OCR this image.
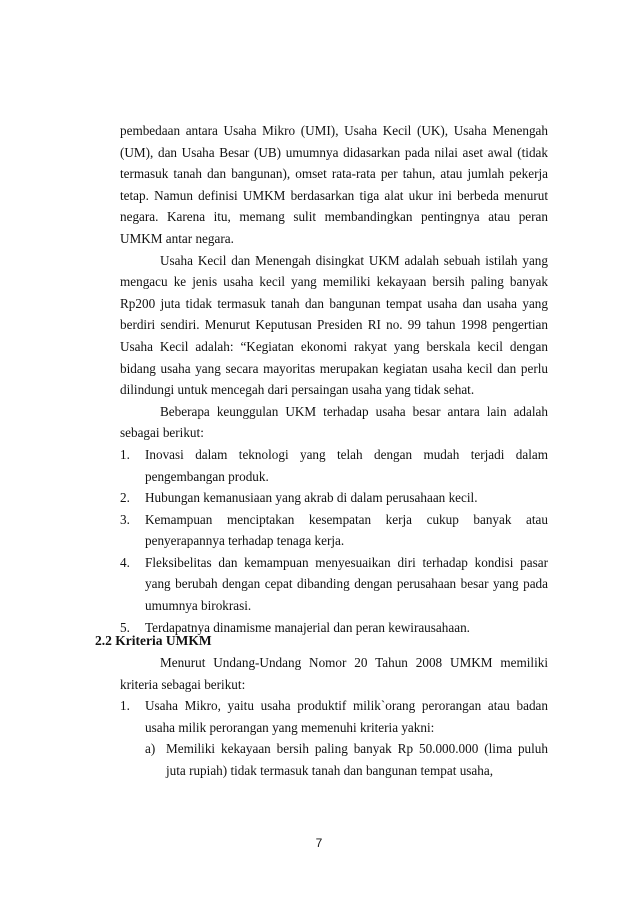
pembedaan antara Usaha Mikro (UMI), Usaha Kecil (UK), Usaha Menengah (UM), dan Usaha Besar (UB) umumnya didasarkan pada nilai aset awal (tidak termasuk tanah dan bangunan), omset rata-rata per tahun, atau jumlah pekerja tetap. Namun definisi UMKM berdasarkan tiga alat ukur ini berbeda menurut negara. Karena itu, memang sulit membandingkan pentingnya atau peran UMKM antar negara.

Usaha Kecil dan Menengah disingkat UKM adalah sebuah istilah yang mengacu ke jenis usaha kecil yang memiliki kekayaan bersih paling banyak Rp200 juta tidak termasuk tanah dan bangunan tempat usaha dan usaha yang berdiri sendiri. Menurut Keputusan Presiden RI no. 99 tahun 1998 pengertian Usaha Kecil adalah: “Kegiatan ekonomi rakyat yang berskala kecil dengan bidang usaha yang secara mayoritas merupakan kegiatan usaha kecil dan perlu dilindungi untuk mencegah dari persaingan usaha yang tidak sehat.

Beberapa keunggulan UKM terhadap usaha besar antara lain adalah sebagai berikut:

1.	Inovasi dalam teknologi yang telah dengan mudah terjadi dalam pengembangan produk.
2.	Hubungan kemanusiaan yang akrab di dalam perusahaan kecil.
3.	Kemampuan menciptakan kesempatan kerja cukup banyak atau penyerapannya terhadap tenaga kerja.
4.	Fleksibelitas dan kemampuan menyesuaikan diri terhadap kondisi pasar yang berubah dengan cepat dibanding dengan perusahaan besar yang pada umumnya birokrasi.
5.	Terdapatnya dinamisme manajerial dan peran kewirausahaan.
2.2 Kriteria UMKM

Menurut Undang-Undang Nomor 20 Tahun 2008 UMKM memiliki kriteria sebagai berikut:

1.	Usaha Mikro, yaitu usaha produktif milik`orang perorangan atau badan usaha milik perorangan yang memenuhi kriteria yakni:
a) Memiliki kekayaan bersih paling banyak Rp 50.000.000 (lima puluh juta rupiah) tidak termasuk tanah dan bangunan tempat usaha,
7
